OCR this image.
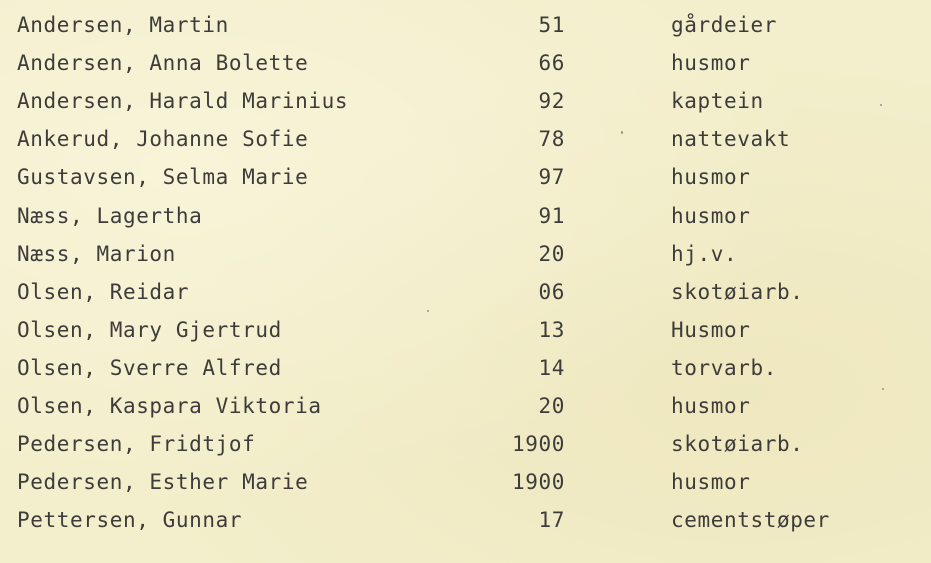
Andersen, Martin	51	gårdeier
Andersen, Anna Bolette	66	husmor
Andersen, Harald Marinius	92	kaptein
Ankerud, Johanne Sofie	78	nattevakt
Gustavsen, Selma Marie	97	husmor
Næss, Lagertha	91	husmor
Næss, Marion	20	hj.v.
Olsen, Reidar	06	skotøiarb.
Olsen, Mary Gjertrud	13	Husmor
Olsen, Sverre Alfred	14	torvarb.
Olsen, Kaspara Viktoria	20	husmor
Pedersen, Fridtjof	1900	skotøiarb.
Pedersen, Esther Marie	1900	husmor
Pettersen, Gunnar	17	cementstøper
